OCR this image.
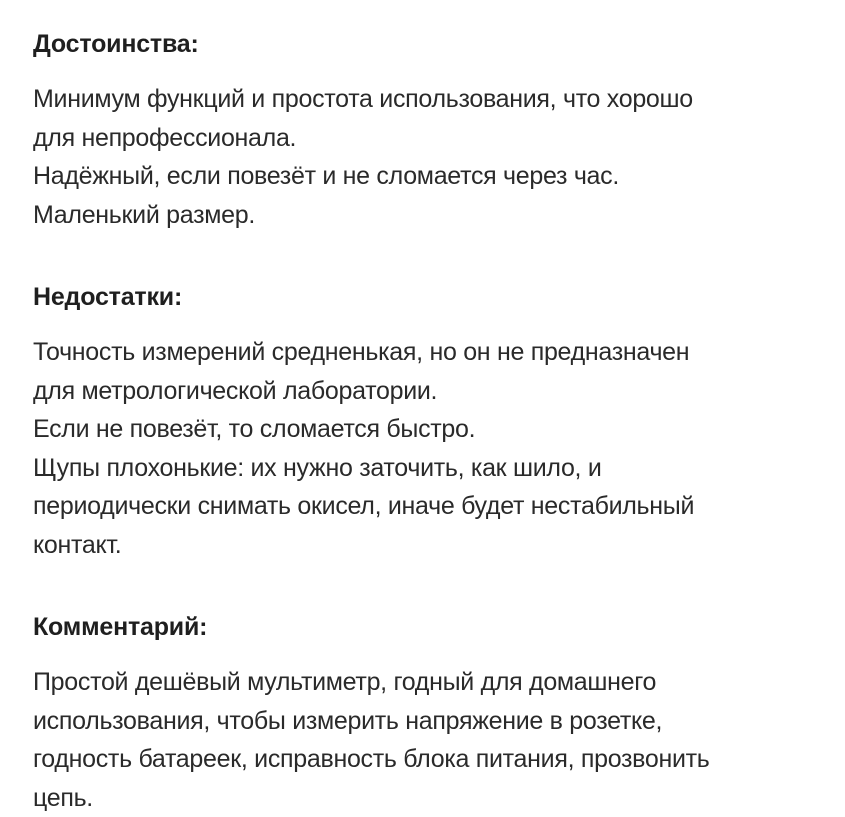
Достоинства:

Минимум функций и простота использования, что хорошо
для непрофессионала.
Надёжный, если повезёт и не сломается через час.
Маленький размер.

Недостатки:

Точность измерений средненькая, но он не предназначен
для метрологической лаборатории.
Если не повезёт, то сломается быстро.
Щупы плохонькие: их нужно заточить, как шило, и
периодически снимать окисел, иначе будет нестабильный
контакт.

Комментарий:

Простой дешёвый мультиметр, годный для домашнего
использования, чтобы измерить напряжение в розетке,
годность батареек, исправность блока питания, прозвонить
цепь.
